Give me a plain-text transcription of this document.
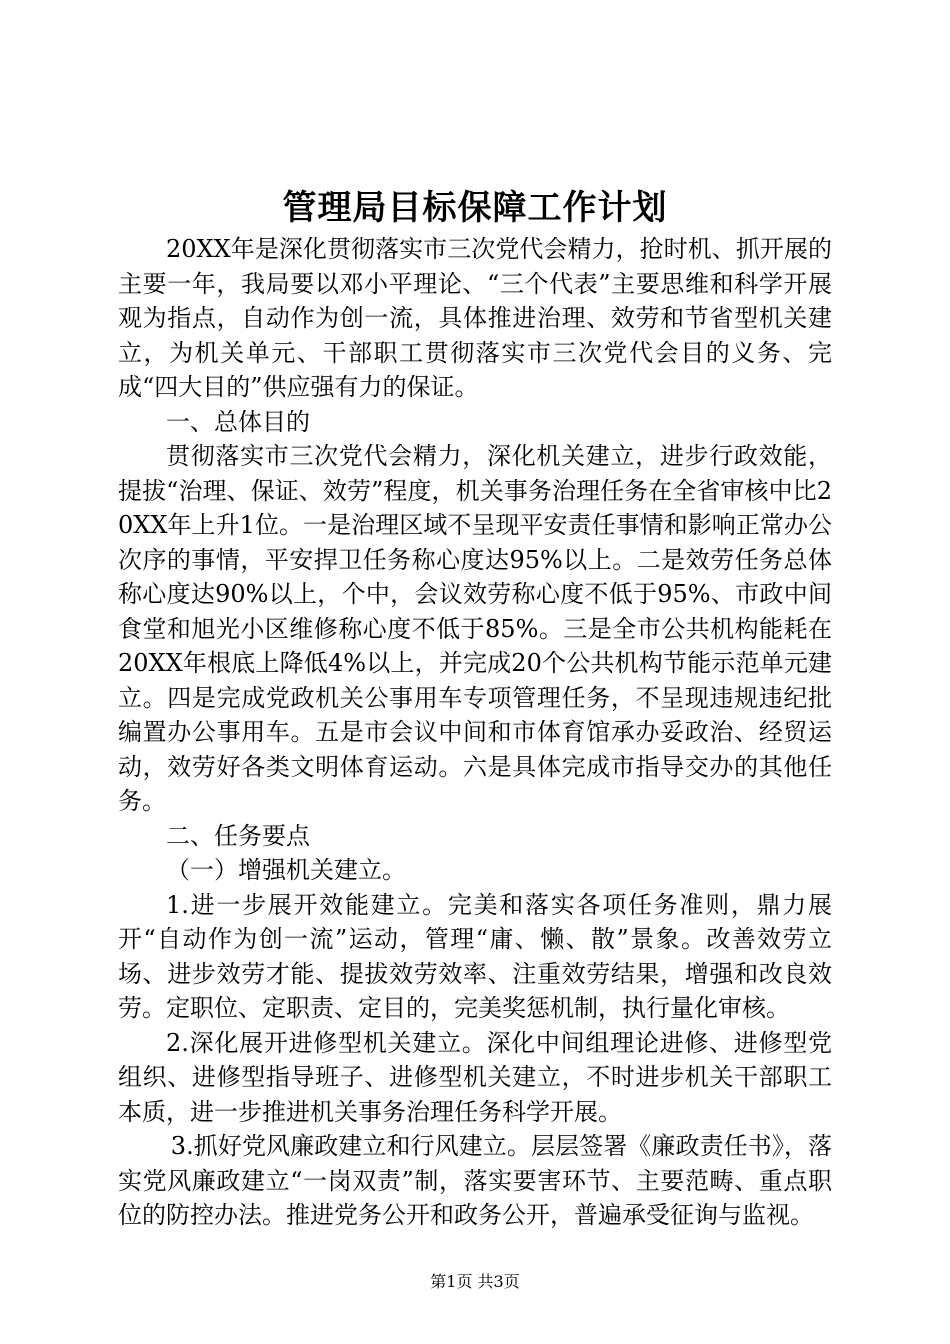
管理局目标保障工作计划

20XX年是深化贯彻落实市三次党代会精力，抢时机、抓开展的主要一年，我局要以邓小平理论、“三个代表”主要思维和科学开展观为指点，自动作为创一流，具体推进治理、效劳和节省型机关建立，为机关单元、干部职工贯彻落实市三次党代会目的义务、完成“四大目的”供应强有力的保证。

一、总体目的

贯彻落实市三次党代会精力，深化机关建立，进步行政效能，提拔“治理、保证、效劳”程度，机关事务治理任务在全省审核中比20XX年上升1位。一是治理区域不呈现平安责任事情和影响正常办公次序的事情，平安捍卫任务称心度达95%以上。二是效劳任务总体称心度达90%以上，个中，会议效劳称心度不低于95%、市政中间食堂和旭光小区维修称心度不低于85%。三是全市公共机构能耗在20XX年根底上降低4%以上，并完成20个公共机构节能示范单元建立。四是完成党政机关公事用车专项管理任务，不呈现违规违纪批编置办公事用车。五是市会议中间和市体育馆承办妥政治、经贸运动，效劳好各类文明体育运动。六是具体完成市指导交办的其他任务。

二、任务要点

（一）增强机关建立。

1.进一步展开效能建立。完美和落实各项任务准则，鼎力展开“自动作为创一流”运动，管理“庸、懒、散”景象。改善效劳立场、进步效劳才能、提拔效劳效率、注重效劳结果，增强和改良效劳。定职位、定职责、定目的，完美奖惩机制，执行量化审核。

2.深化展开进修型机关建立。深化中间组理论进修、进修型党组织、进修型指导班子、进修型机关建立，不时进步机关干部职工本质，进一步推进机关事务治理任务科学开展。

3.抓好党风廉政建立和行风建立。层层签署《廉政责任书》，落实党风廉政建立“一岗双责”制，落实要害环节、主要范畴、重点职位的防控办法。推进党务公开和政务公开，普遍承受征询与监视。

第1页 共3页
